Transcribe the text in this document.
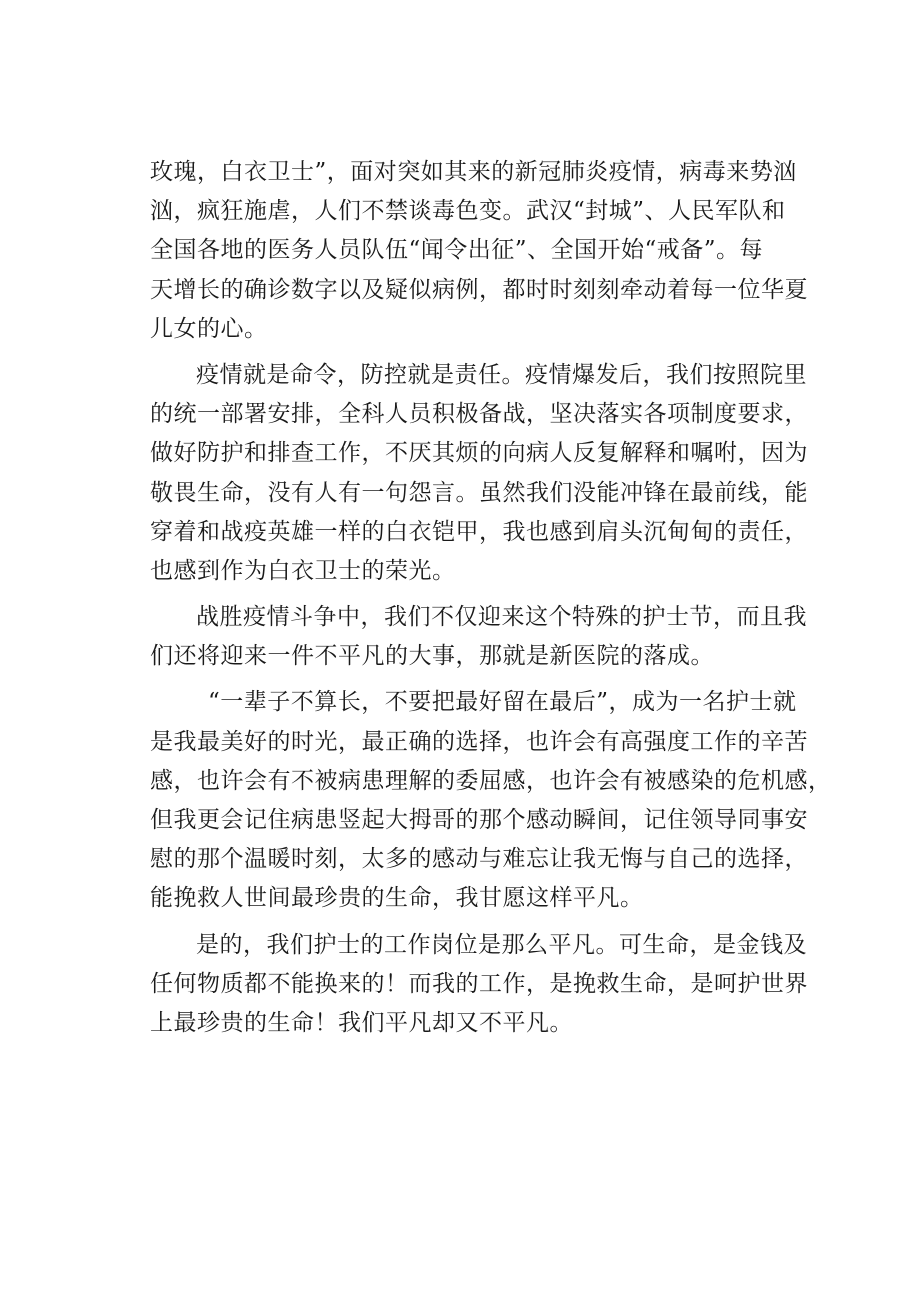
玫瑰，白衣卫士”，面对突如其来的新冠肺炎疫情，病毒来势汹
汹，疯狂施虐，人们不禁谈毒色变。武汉“封城”、人民军队和
全国各地的医务人员队伍“闻令出征”、全国开始“戒备”。每
天增长的确诊数字以及疑似病例，都时时刻刻牵动着每一位华夏
儿女的心。
疫情就是命令，防控就是责任。疫情爆发后，我们按照院里
的统一部署安排，全科人员积极备战，坚决落实各项制度要求，
做好防护和排查工作，不厌其烦的向病人反复解释和嘱咐，因为
敬畏生命，没有人有一句怨言。虽然我们没能冲锋在最前线，能
穿着和战疫英雄一样的白衣铠甲，我也感到肩头沉甸甸的责任，
也感到作为白衣卫士的荣光。
战胜疫情斗争中，我们不仅迎来这个特殊的护士节，而且我
们还将迎来一件不平凡的大事，那就是新医院的落成。
“一辈子不算长，不要把最好留在最后”，成为一名护士就
是我最美好的时光，最正确的选择，也许会有高强度工作的辛苦
感，也许会有不被病患理解的委屈感，也许会有被感染的危机感，
但我更会记住病患竖起大拇哥的那个感动瞬间，记住领导同事安
慰的那个温暖时刻，太多的感动与难忘让我无悔与自己的选择，
能挽救人世间最珍贵的生命，我甘愿这样平凡。
是的，我们护士的工作岗位是那么平凡。可生命，是金钱及
任何物质都不能换来的！而我的工作，是挽救生命，是呵护世界
上最珍贵的生命！我们平凡却又不平凡。
